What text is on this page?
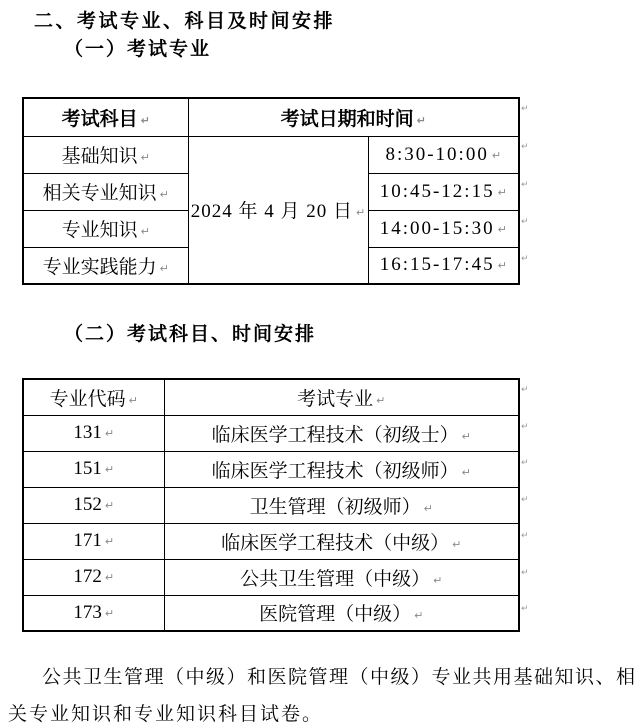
二、考试专业、科目及时间安排
（一）考试专业
考试科目 ↵	考试日期和时间 ↵	
基础知识 ↵	2024 年 4 月 20 日 ↵	8:30-10:00 ↵
相关专业知识 ↵		10:45-12:15 ↵
专业知识 ↵		14:00-15:30 ↵
专业实践能力 ↵		16:15-17:45 ↵
（二）考试科目、时间安排
专业代码 ↵	考试专业 ↵
131 ↵	临床医学工程技术（初级士） ↵
151 ↵	临床医学工程技术（初级师） ↵
152 ↵	卫生管理（初级师） ↵
171 ↵	临床医学工程技术（中级） ↵
172 ↵	公共卫生管理（中级） ↵
173 ↵	医院管理（中级） ↵
↵
↵
↵
↵
↵
↵
↵
↵
↵
↵
↵
↵
公共卫生管理（中级）和医院管理（中级）专业共用基础知识、相
关专业知识和专业知识科目试卷。
